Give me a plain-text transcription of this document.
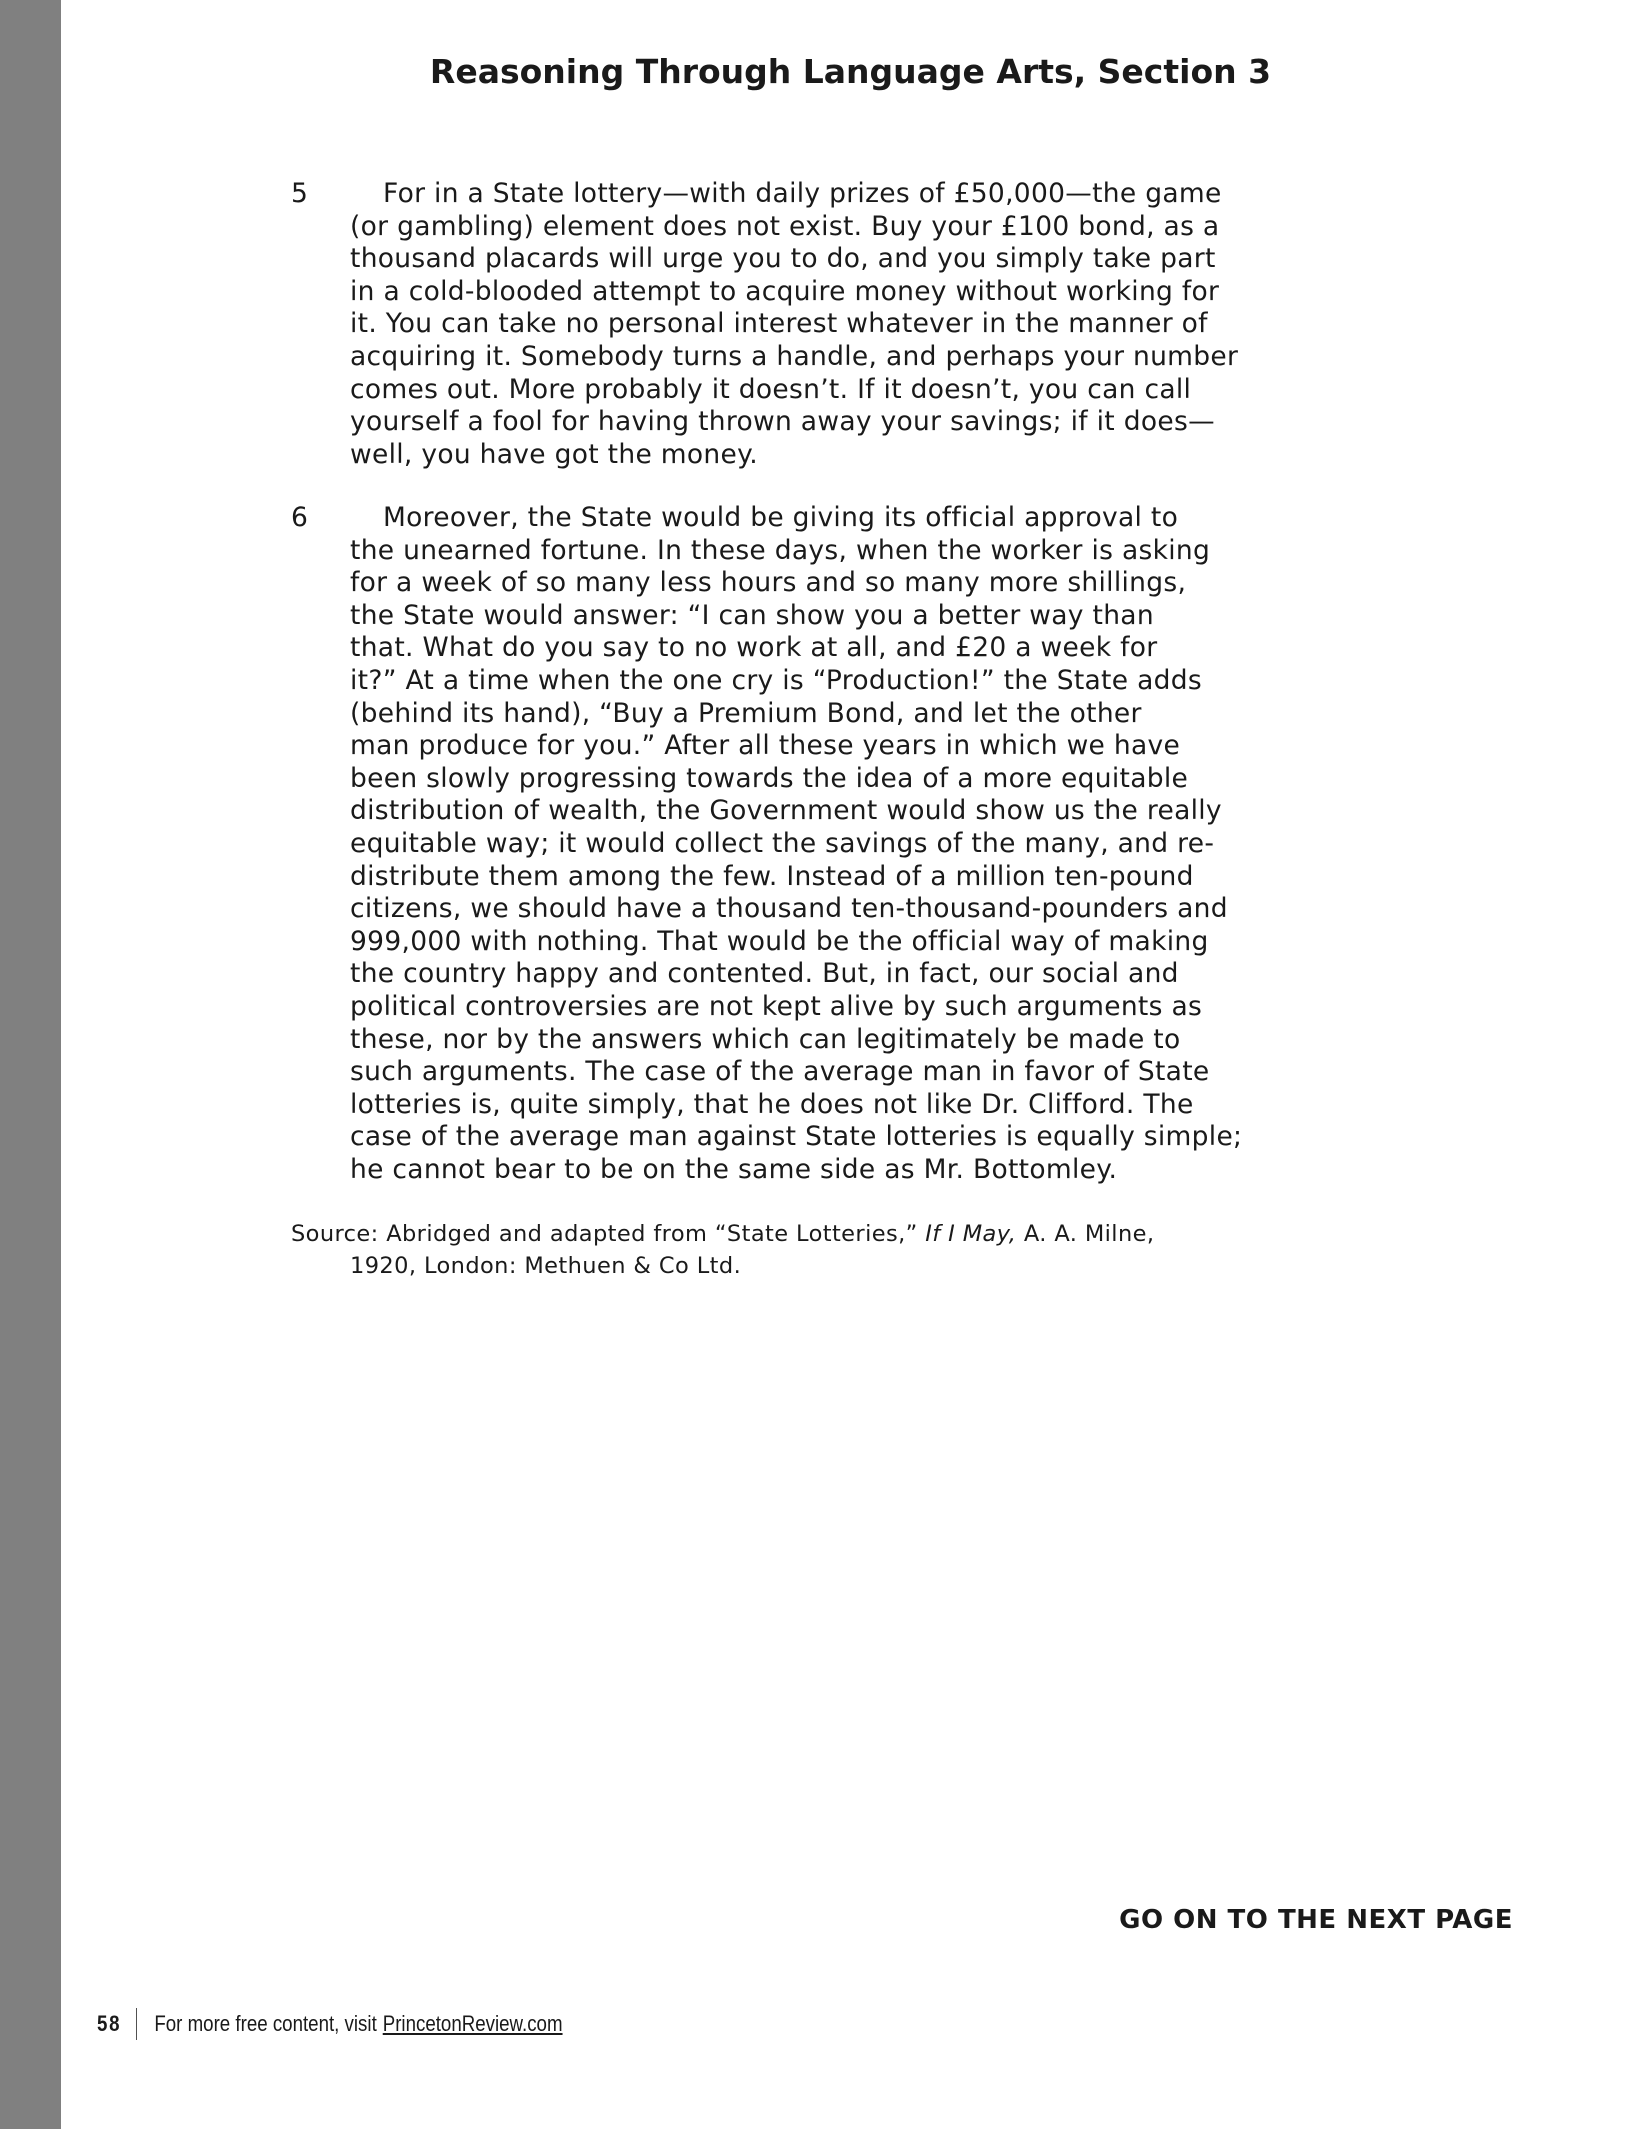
Reasoning Through Language Arts, Section 3
5	For in a State lottery—with daily prizes of £50,000—the game
(or gambling) element does not exist. Buy your £100 bond, as a
thousand placards will urge you to do, and you simply take part
in a cold-blooded attempt to acquire money without working for
it. You can take no personal interest whatever in the manner of
acquiring it. Somebody turns a handle, and perhaps your number
comes out. More probably it doesn’t. If it doesn’t, you can call
yourself a fool for having thrown away your savings; if it does—
well, you have got the money.
6	Moreover, the State would be giving its official approval to
the unearned fortune. In these days, when the worker is asking
for a week of so many less hours and so many more shillings,
the State would answer: “I can show you a better way than
that. What do you say to no work at all, and £20 a week for
it?” At a time when the one cry is “Production!” the State adds
(behind its hand), “Buy a Premium Bond, and let the other
man produce for you.” After all these years in which we have
been slowly progressing towards the idea of a more equitable
distribution of wealth, the Government would show us the really
equitable way; it would collect the savings of the many, and re-
distribute them among the few. Instead of a million ten-pound
citizens, we should have a thousand ten-thousand-pounders and
999,000 with nothing. That would be the official way of making
the country happy and contented. But, in fact, our social and
political controversies are not kept alive by such arguments as
these, nor by the answers which can legitimately be made to
such arguments. The case of the average man in favor of State
lotteries is, quite simply, that he does not like Dr. Clifford. The
case of the average man against State lotteries is equally simple;
he cannot bear to be on the same side as Mr. Bottomley.
Source: Abridged and adapted from “State Lotteries,” If I May, A. A. Milne,
1920, London: Methuen & Co Ltd.
GO ON TO THE NEXT PAGE
58 For more free content, visit PrincetonReview.com
